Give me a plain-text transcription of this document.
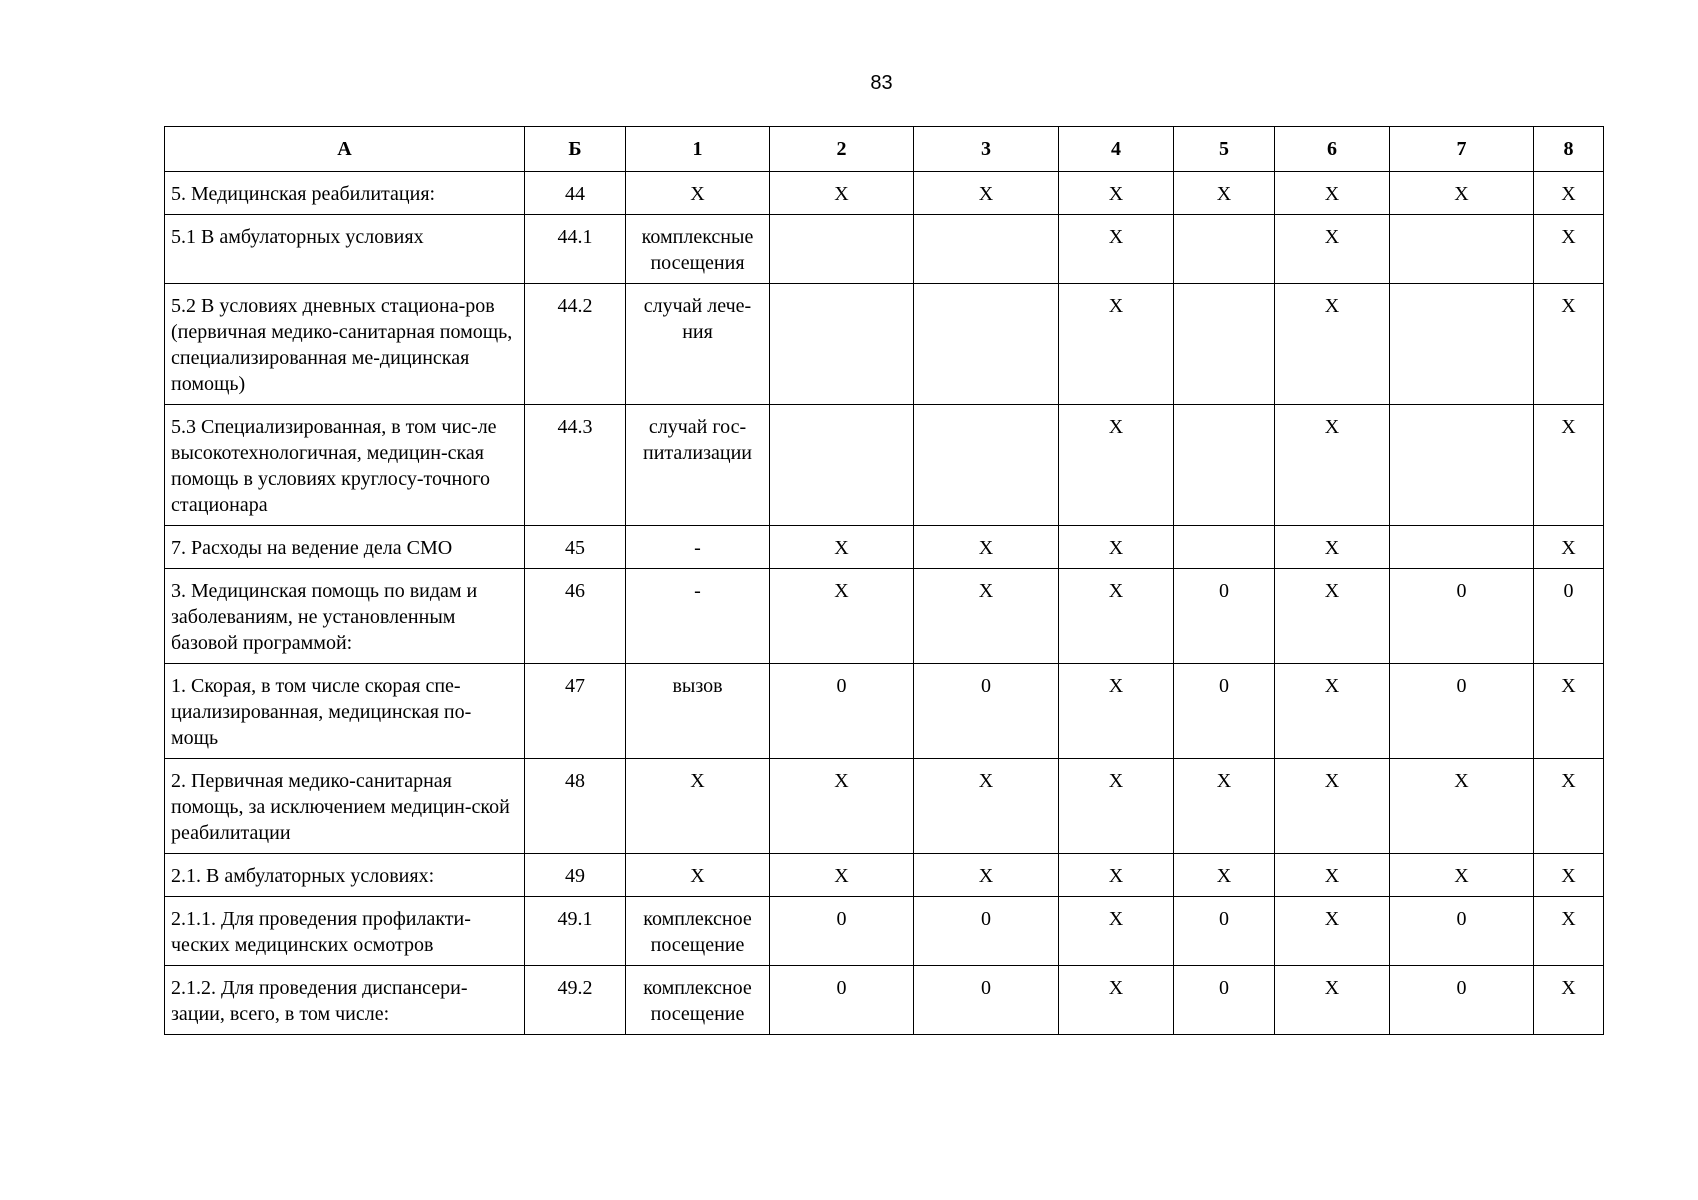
83
А	Б	1	2	3	4	5	6	7	8
5. Медицинская реабилитация:	44	Х	Х	Х	Х	Х	Х	Х	Х
5.1 В амбулаторных условиях	44.1	комплексные посещения			Х		Х		Х
5.2 В условиях дневных стациона-ров (первичная медико-санитарная помощь, специализированная ме-дицинская помощь)	44.2	случай лече-ния			Х		Х		Х
5.3 Специализированная, в том чис-ле высокотехнологичная, медицин-ская помощь в условиях круглосу-точного стационара	44.3	случай гос-питализации			Х		Х		Х
7. Расходы на ведение дела СМО	45	-	Х	Х	Х		Х		Х
3. Медицинская помощь по видам и заболеваниям, не установленным базовой программой:	46	-	Х	Х	Х	0	Х	0	0
1. Скорая, в том числе скорая спе-циализированная, медицинская по-мощь	47	вызов	0	0	Х	0	Х	0	Х
2. Первичная медико-санитарная помощь, за исключением медицин-ской реабилитации	48	Х	Х	Х	Х	Х	Х	Х	Х
2.1. В амбулаторных условиях:	49	Х	Х	Х	Х	Х	Х	Х	Х
2.1.1. Для проведения профилакти-ческих медицинских осмотров	49.1	комплексное посещение	0	0	Х	0	Х	0	Х
2.1.2. Для проведения диспансери-зации, всего, в том числе:	49.2	комплексное посещение	0	0	Х	0	Х	0	Х
